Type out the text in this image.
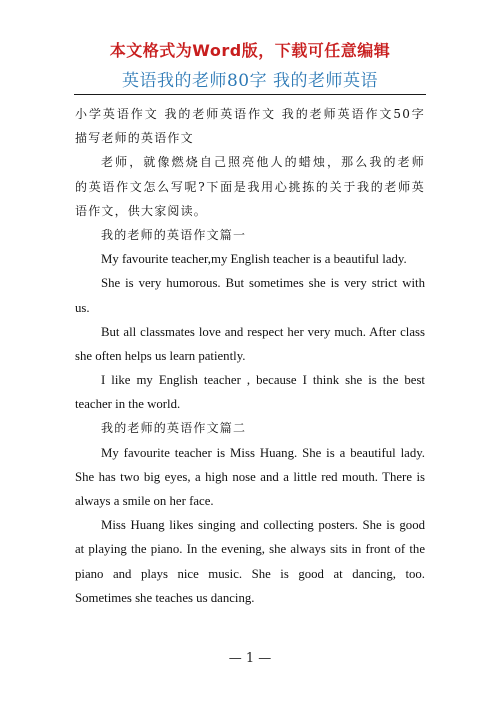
本文格式为Word版，下载可任意编辑
英语我的老师80字 我的老师英语
小学英语作文 我的老师英语作文 我的老师英语作文50字
描写老师的英语作文
老师，就像燃烧自己照亮他人的蜡烛，那么我的老师
的英语作文怎么写呢?下面是我用心挑拣的关于我的老师英
语作文，供大家阅读。
我的老师的英语作文篇一
My favourite teacher,my English teacher is a beautiful lady.
She is very humorous. But sometimes she is very strict with
us.
But all classmates love and respect her very much. After class
she often helps us learn patiently.
I like my English teacher , because I think she is the best
teacher in the world.
我的老师的英语作文篇二
My favourite teacher is Miss Huang. She is a beautiful lady.
She has two big eyes, a high nose and a little red mouth. There is
always a smile on her face.
Miss Huang likes singing and collecting posters. She is good
at playing the piano. In the evening, she always sits in front of the
piano and plays nice music. She is good at dancing, too.
Sometimes she teaches us dancing.
— 1 —
